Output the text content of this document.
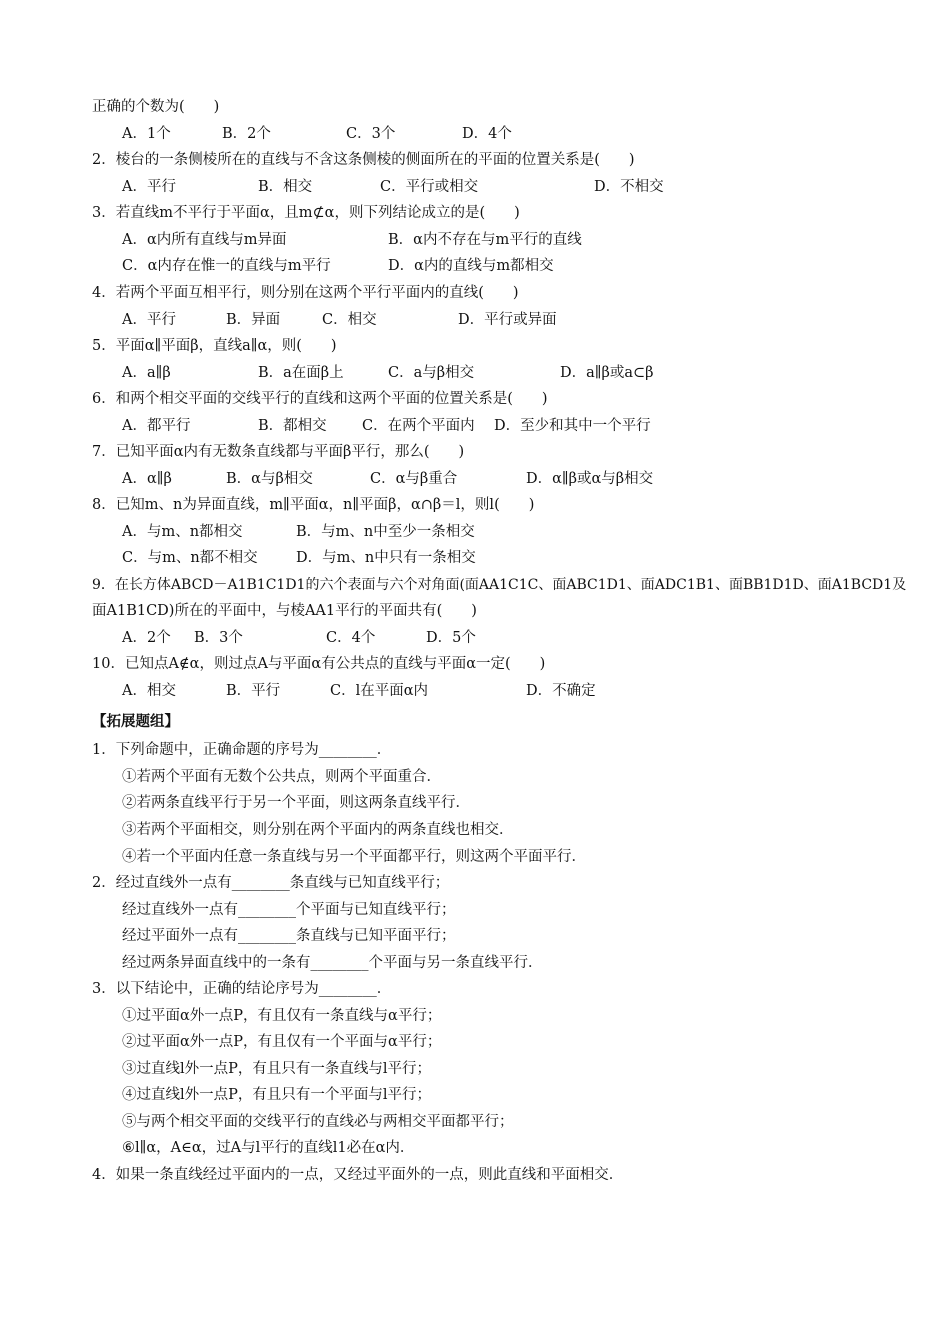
正确的个数为(　　)
A．1个	B．2个	C．3个	D．4个
2．棱台的一条侧棱所在的直线与不含这条侧棱的侧面所在的平面的位置关系是(　　)
A．平行	B．相交	C．平行或相交	D．不相交
3．若直线m不平行于平面α，且m⊄α，则下列结论成立的是(　　)
A．α内所有直线与m异面	B．α内不存在与m平行的直线
C．α内存在惟一的直线与m平行	D．α内的直线与m都相交
4．若两个平面互相平行，则分别在这两个平行平面内的直线(　　)
A．平行	B．异面	C．相交	D．平行或异面
5．平面α∥平面β，直线a∥α，则(　　)
A．a∥β	B．a在面β上	C．a与β相交	D．a∥β或a⊂β
6．和两个相交平面的交线平行的直线和这两个平面的位置关系是(　　)
A．都平行	B．都相交 C．在两个平面内 D．至少和其中一个平行
7．已知平面α内有无数条直线都与平面β平行，那么(　　)
A．α∥β	B．α与β相交	C．α与β重合	D．α∥β或α与β相交
8．已知m、n为异面直线，m∥平面α，n∥平面β，α∩β＝l，则l(　　)
A．与m、n都相交	B．与m、n中至少一条相交
C．与m、n都不相交	D．与m、n中只有一条相交
9．在长方体ABCD－A1B1C1D1的六个表面与六个对角面(面AA1C1C、面ABC1D1、面ADC1B1、面BB1D1D、面A1BCD1及
面A1B1CD)所在的平面中，与棱AA1平行的平面共有(　　)
A．2个 B．3个	C．4个	D．5个
10．已知点A∉α，则过点A与平面α有公共点的直线与平面α一定(　　)
A．相交	B．平行	C．l在平面α内	D．不确定
【拓展题组】
1．下列命题中，正确命题的序号为________．
①若两个平面有无数个公共点，则两个平面重合．
②若两条直线平行于另一个平面，则这两条直线平行．
③若两个平面相交，则分别在两个平面内的两条直线也相交．
④若一个平面内任意一条直线与另一个平面都平行，则这两个平面平行．
2．经过直线外一点有________条直线与已知直线平行；
经过直线外一点有________个平面与已知直线平行；
经过平面外一点有________条直线与已知平面平行；
经过两条异面直线中的一条有________个平面与另一条直线平行．
3．以下结论中，正确的结论序号为________．
①过平面α外一点P，有且仅有一条直线与α平行；
②过平面α外一点P，有且仅有一个平面与α平行；
③过直线l外一点P，有且只有一条直线与l平行；
④过直线l外一点P，有且只有一个平面与l平行；
⑤与两个相交平面的交线平行的直线必与两相交平面都平行；
⑥l∥α，A∈α，过A与l平行的直线l1必在α内．
4．如果一条直线经过平面内的一点，又经过平面外的一点，则此直线和平面相交．
